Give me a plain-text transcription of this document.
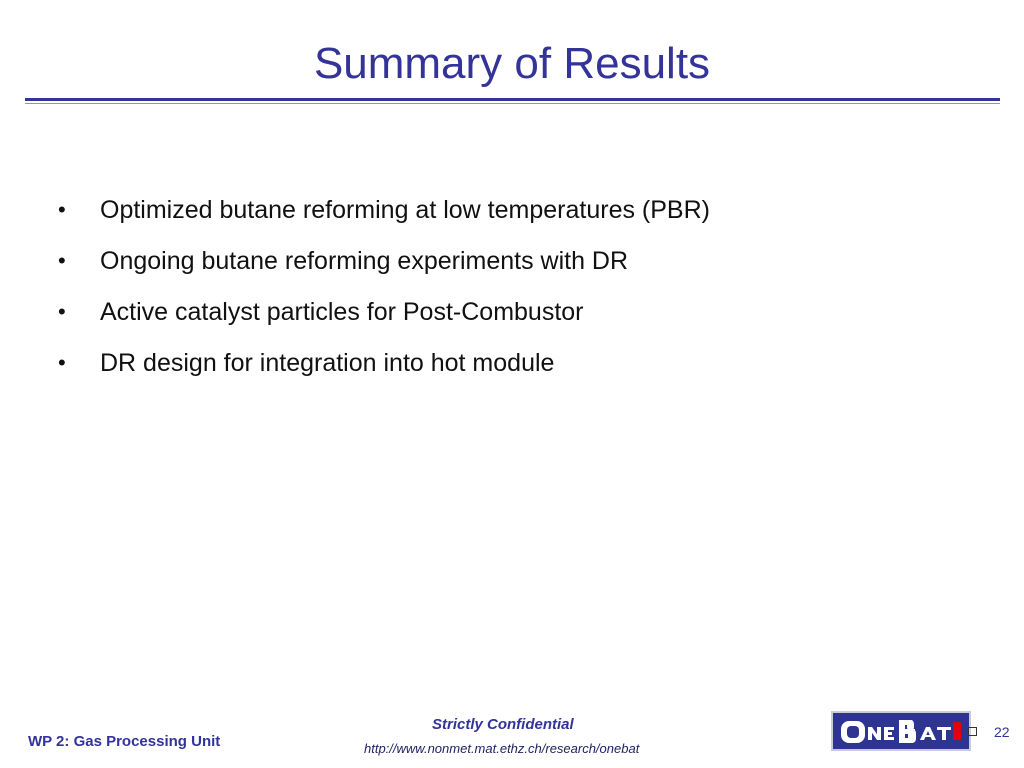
Summary of Results
• Optimized butane reforming at low temperatures (PBR)
• Ongoing butane reforming experiments with DR
• Active catalyst particles for Post-Combustor
• DR design for integration into hot module
WP 2: Gas Processing Unit
Strictly Confidential
http://www.nonmet.mat.ethz.ch/research/onebat
22
